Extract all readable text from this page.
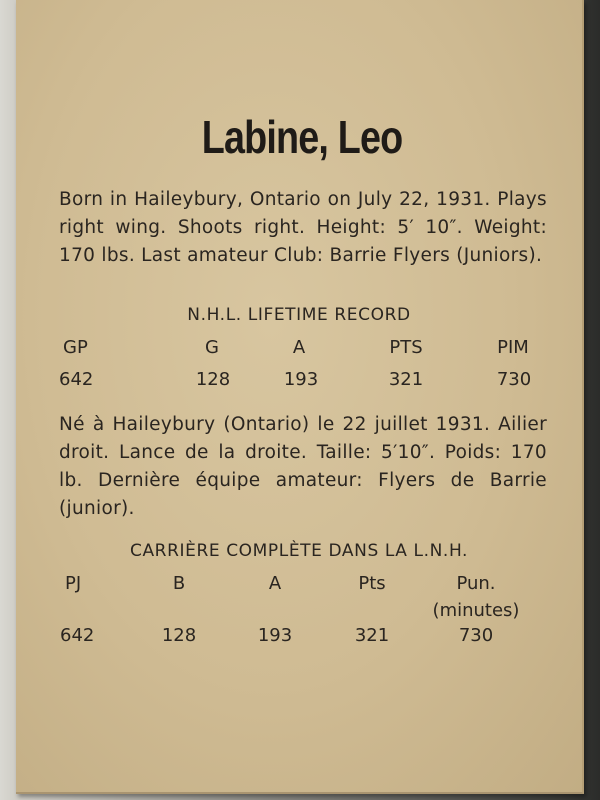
Labine, Leo
Born in Haileybury, Ontario on July 22, 1931. Plays right wing. Shoots right. Height: 5′ 10″. Weight: 170 lbs. Last amateur Club: Barrie Flyers (Juniors).
N.H.L. LIFETIME RECORD
GP	G	A	PTS	PIM
642	128	193	321	730
Né à Haileybury (Ontario) le 22 juillet 1931. Ailier droit. Lance de la droite. Taille: 5′10″. Poids: 170 lb. Dernière équipe amateur: Flyers de Barrie (junior).
CARRIÈRE COMPLÈTE DANS LA L.N.H.
PJ	B	A	Pts	Pun.
(minutes)
642	128	193	321	730
